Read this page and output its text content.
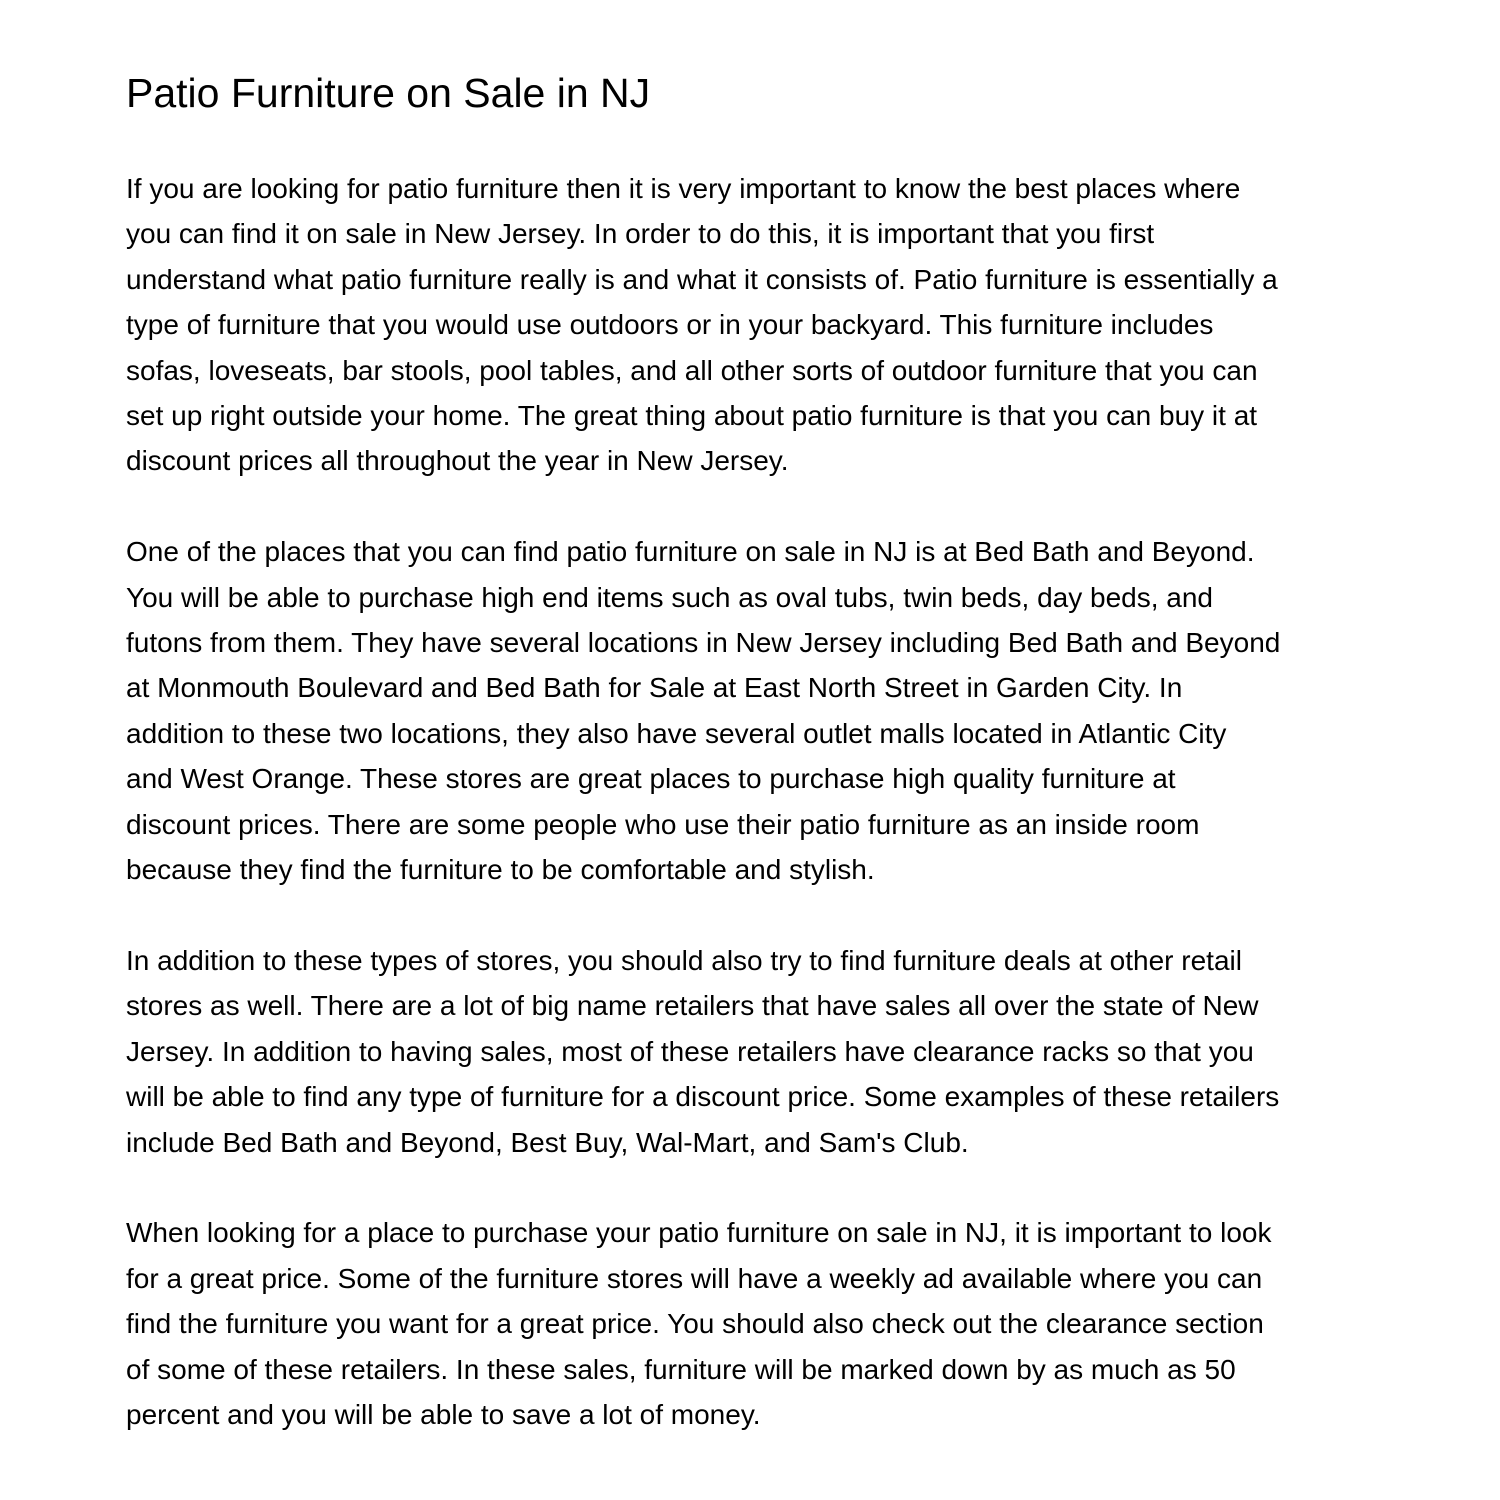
Patio Furniture on Sale in NJ

If you are looking for patio furniture then it is very important to know the best places where
you can find it on sale in New Jersey. In order to do this, it is important that you first
understand what patio furniture really is and what it consists of. Patio furniture is essentially a
type of furniture that you would use outdoors or in your backyard. This furniture includes
sofas, loveseats, bar stools, pool tables, and all other sorts of outdoor furniture that you can
set up right outside your home. The great thing about patio furniture is that you can buy it at
discount prices all throughout the year in New Jersey.

One of the places that you can find patio furniture on sale in NJ is at Bed Bath and Beyond.
You will be able to purchase high end items such as oval tubs, twin beds, day beds, and
futons from them. They have several locations in New Jersey including Bed Bath and Beyond
at Monmouth Boulevard and Bed Bath for Sale at East North Street in Garden City. In
addition to these two locations, they also have several outlet malls located in Atlantic City
and West Orange. These stores are great places to purchase high quality furniture at
discount prices. There are some people who use their patio furniture as an inside room
because they find the furniture to be comfortable and stylish.

In addition to these types of stores, you should also try to find furniture deals at other retail
stores as well. There are a lot of big name retailers that have sales all over the state of New
Jersey. In addition to having sales, most of these retailers have clearance racks so that you
will be able to find any type of furniture for a discount price. Some examples of these retailers
include Bed Bath and Beyond, Best Buy, Wal-Mart, and Sam's Club.

When looking for a place to purchase your patio furniture on sale in NJ, it is important to look
for a great price. Some of the furniture stores will have a weekly ad available where you can
find the furniture you want for a great price. You should also check out the clearance section
of some of these retailers. In these sales, furniture will be marked down by as much as 50
percent and you will be able to save a lot of money.
